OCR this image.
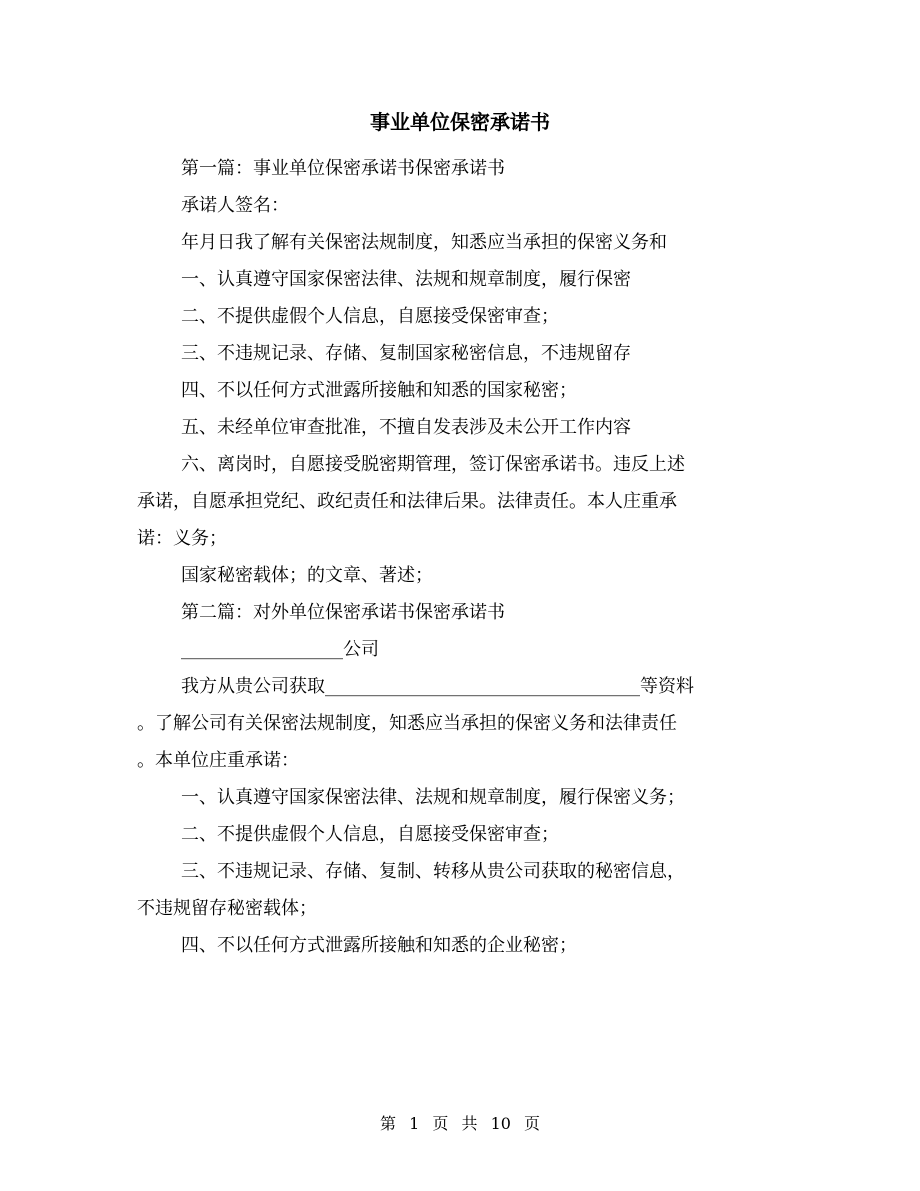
事业单位保密承诺书

第一篇：事业单位保密承诺书保密承诺书

承诺人签名：

年月日我了解有关保密法规制度，知悉应当承担的保密义务和

一、认真遵守国家保密法律、法规和规章制度，履行保密

二、不提供虚假个人信息，自愿接受保密审查；

三、不违规记录、存储、复制国家秘密信息，不违规留存

四、不以任何方式泄露所接触和知悉的国家秘密；

五、未经单位审查批准，不擅自发表涉及未公开工作内容

六、离岗时，自愿接受脱密期管理，签订保密承诺书。违反上述

承诺，自愿承担党纪、政纪责任和法律后果。法律责任。本人庄重承

诺：义务；

国家秘密载体；的文章、著述；

第二篇：对外单位保密承诺书保密承诺书

__________________公司

我方从贵公司获取___________________________________等资料

。了解公司有关保密法规制度，知悉应当承担的保密义务和法律责任

。本单位庄重承诺：

一、认真遵守国家保密法律、法规和规章制度，履行保密义务；

二、不提供虚假个人信息，自愿接受保密审查；

三、不违规记录、存储、复制、转移从贵公司获取的秘密信息，

不违规留存秘密载体；

四、不以任何方式泄露所接触和知悉的企业秘密；

第 1 页 共 10 页
